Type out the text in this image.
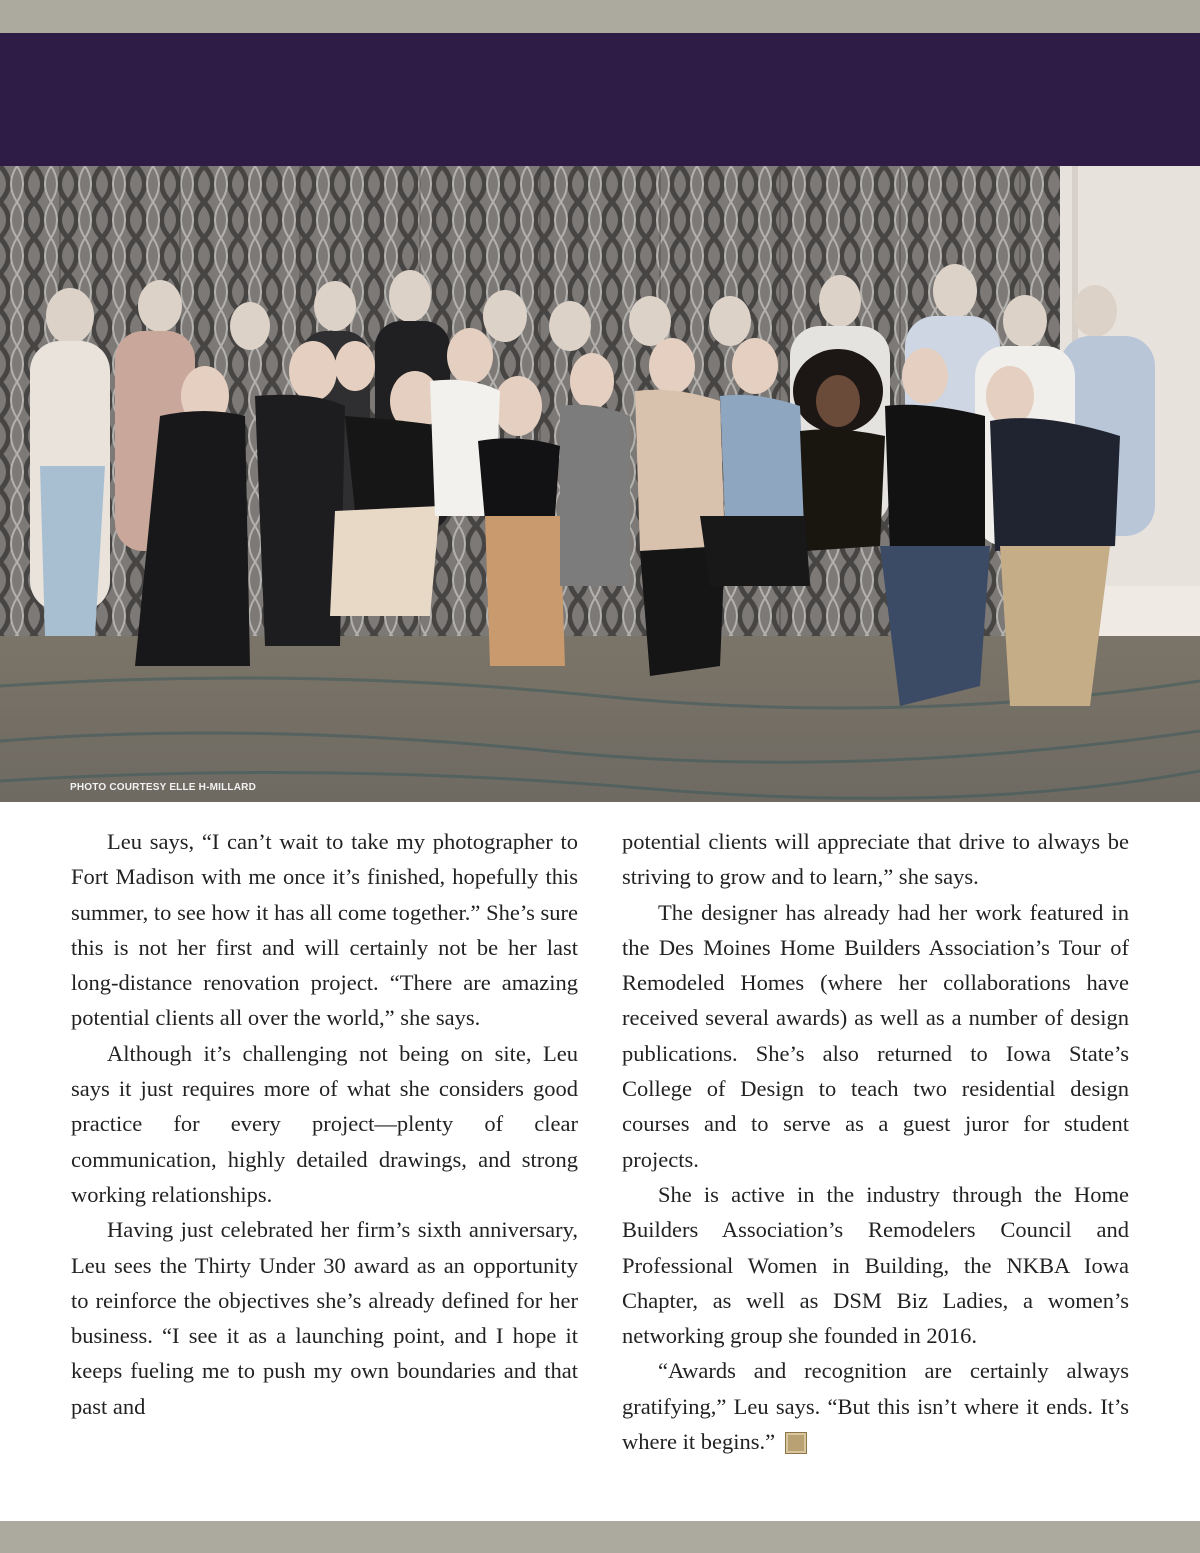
PHOTO COURTESY ELLE H-MILLARD

Leu says, “I can’t wait to take my photographer to Fort Madison with me once it’s finished, hopefully this summer, to see how it has all come together.” She’s sure this is not her first and will certainly not be her last long-distance renovation project. “There are amazing potential clients all over the world,” she says.

Although it’s challenging not being on site, Leu says it just requires more of what she considers good practice for every project—plenty of clear communication, highly detailed drawings, and strong working relationships.

Having just celebrated her firm’s sixth anniversary, Leu sees the Thirty Under 30 award as an opportunity to reinforce the objectives she’s already defined for her business. “I see it as a launching point, and I hope it keeps fueling me to push my own boundaries and that past and

potential clients will appreciate that drive to always be striving to grow and to learn,” she says.

The designer has already had her work featured in the Des Moines Home Builders Association’s Tour of Remodeled Homes (where her collaborations have received several awards) as well as a number of design publications. She’s also returned to Iowa State’s College of Design to teach two residential design courses and to serve as a guest juror for student projects.

She is active in the industry through the Home Builders Association’s Remodelers Council and Professional Women in Building, the NKBA Iowa Chapter, as well as DSM Biz Ladies, a women’s networking group she founded in 2016.

“Awards and recognition are certainly always gratifying,” Leu says. “But this isn’t where it ends. It’s where it begins.”	B
